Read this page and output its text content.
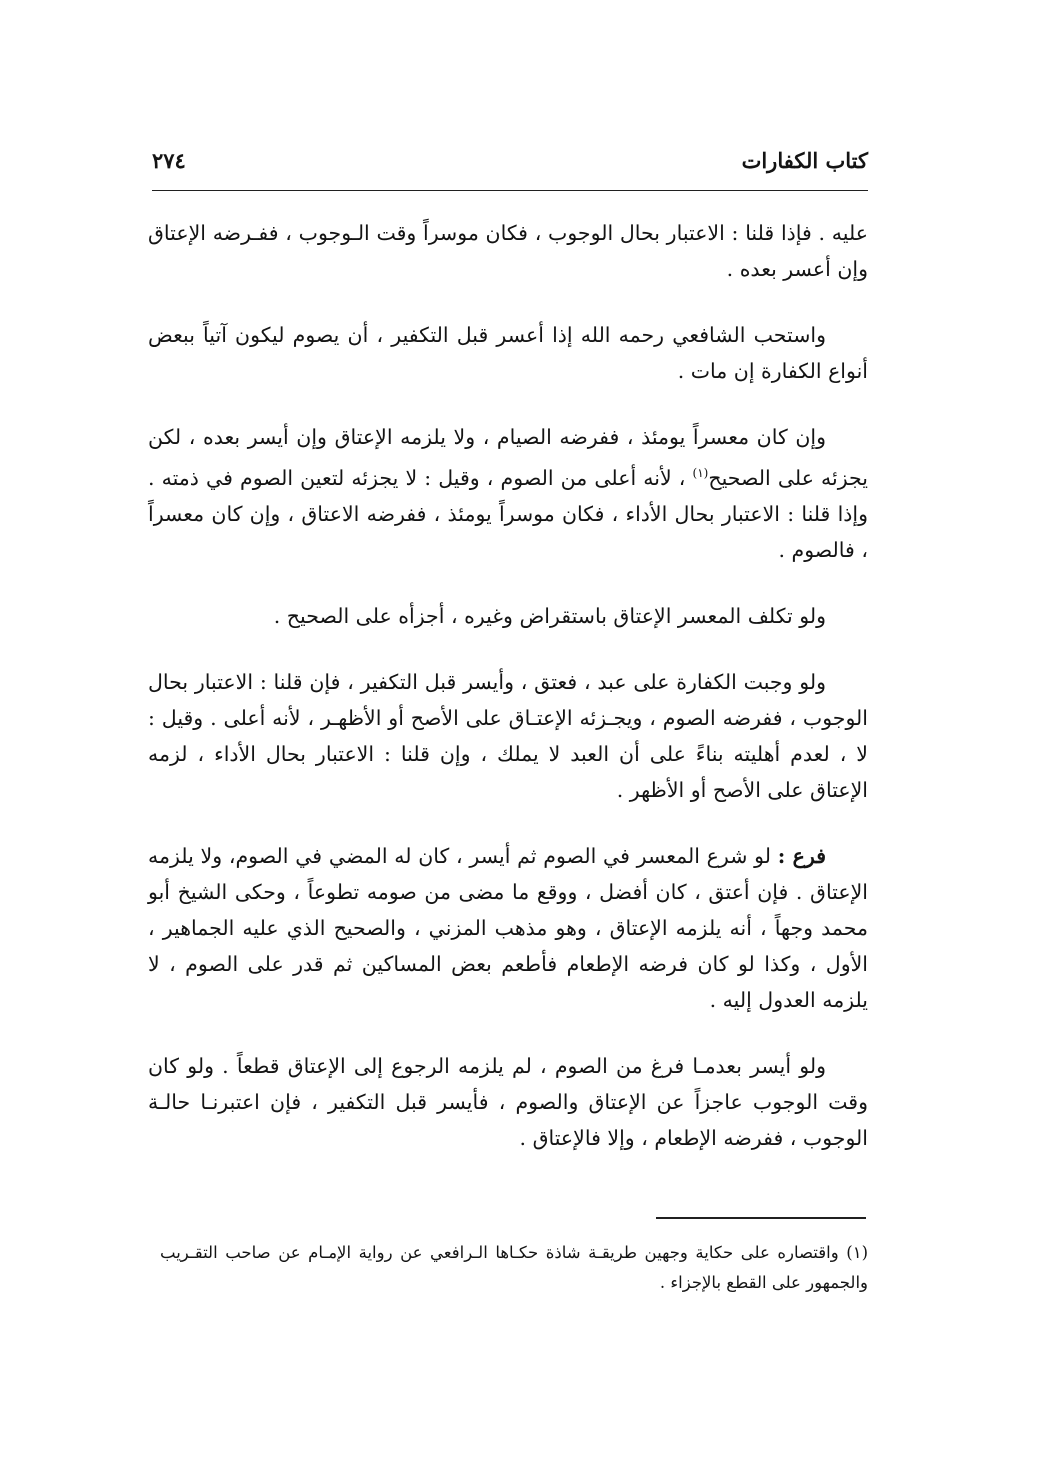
كتاب الكفارات
٢٧٤

عليه . فإذا قلنا : الاعتبار بحال الوجوب ، فكان موسراً وقت الـوجوب ، ففـرضه الإعتاق وإن أعسر بعده .

واستحب الشافعي رحمه الله إذا أعسر قبل التكفير ، أن يصوم ليكون آتياً ببعض أنواع الكفارة إن مات .

وإن كان معسراً يومئذ ، ففرضه الصيام ، ولا يلزمه الإعتاق وإن أيسر بعده ، لكن يجزئه على الصحيح$^{(١)}$ ، لأنه أعلى من الصوم ، وقيل : لا يجزئه لتعين الصوم في ذمته . وإذا قلنا : الاعتبار بحال الأداء ، فكان موسراً يومئذ ، ففرضه الاعتاق ، وإن كان معسراً ، فالصوم .

ولو تكلف المعسر الإعتاق باستقراض وغيره ، أجزأه على الصحيح .

ولو وجبت الكفارة على عبد ، فعتق ، وأيسر قبل التكفير ، فإن قلنا : الاعتبار بحال الوجوب ، ففرضه الصوم ، ويجـزئه الإعتـاق على الأصح أو الأظهـر ، لأنه أعلى . وقيل : لا ، لعدم أهليته بناءً على أن العبد لا يملك ، وإن قلنا : الاعتبار بحال الأداء ، لزمه الإعتاق على الأصح أو الأظهر .

فرع : لو شرع المعسر في الصوم ثم أيسر ، كان له المضي في الصوم، ولا يلزمه الإعتاق . فإن أعتق ، كان أفضل ، ووقع ما مضى من صومه تطوعاً ، وحكى الشيخ أبو محمد وجهاً ، أنه يلزمه الإعتاق ، وهو مذهب المزني ، والصحيح الذي عليه الجماهير ، الأول ، وكذا لو كان فرضه الإطعام فأطعم بعض المساكين ثم قدر على الصوم ، لا يلزمه العدول إليه .

ولو أيسر بعدمـا فرغ من الصوم ، لم يلزمه الرجوع إلى الإعتاق قطعاً . ولو كان وقت الوجوب عاجزاً عن الإعتاق والصوم ، فأيسر قبل التكفير ، فإن اعتبرنـا حالـة الوجوب ، ففرضه الإطعام ، وإلا فالإعتاق .

(١) واقتصاره على حكاية وجهين طريقـة شاذة حكـاها الـرافعي عن رواية الإمـام عن صاحب التقـريب والجمهور على القطع بالإجزاء .
